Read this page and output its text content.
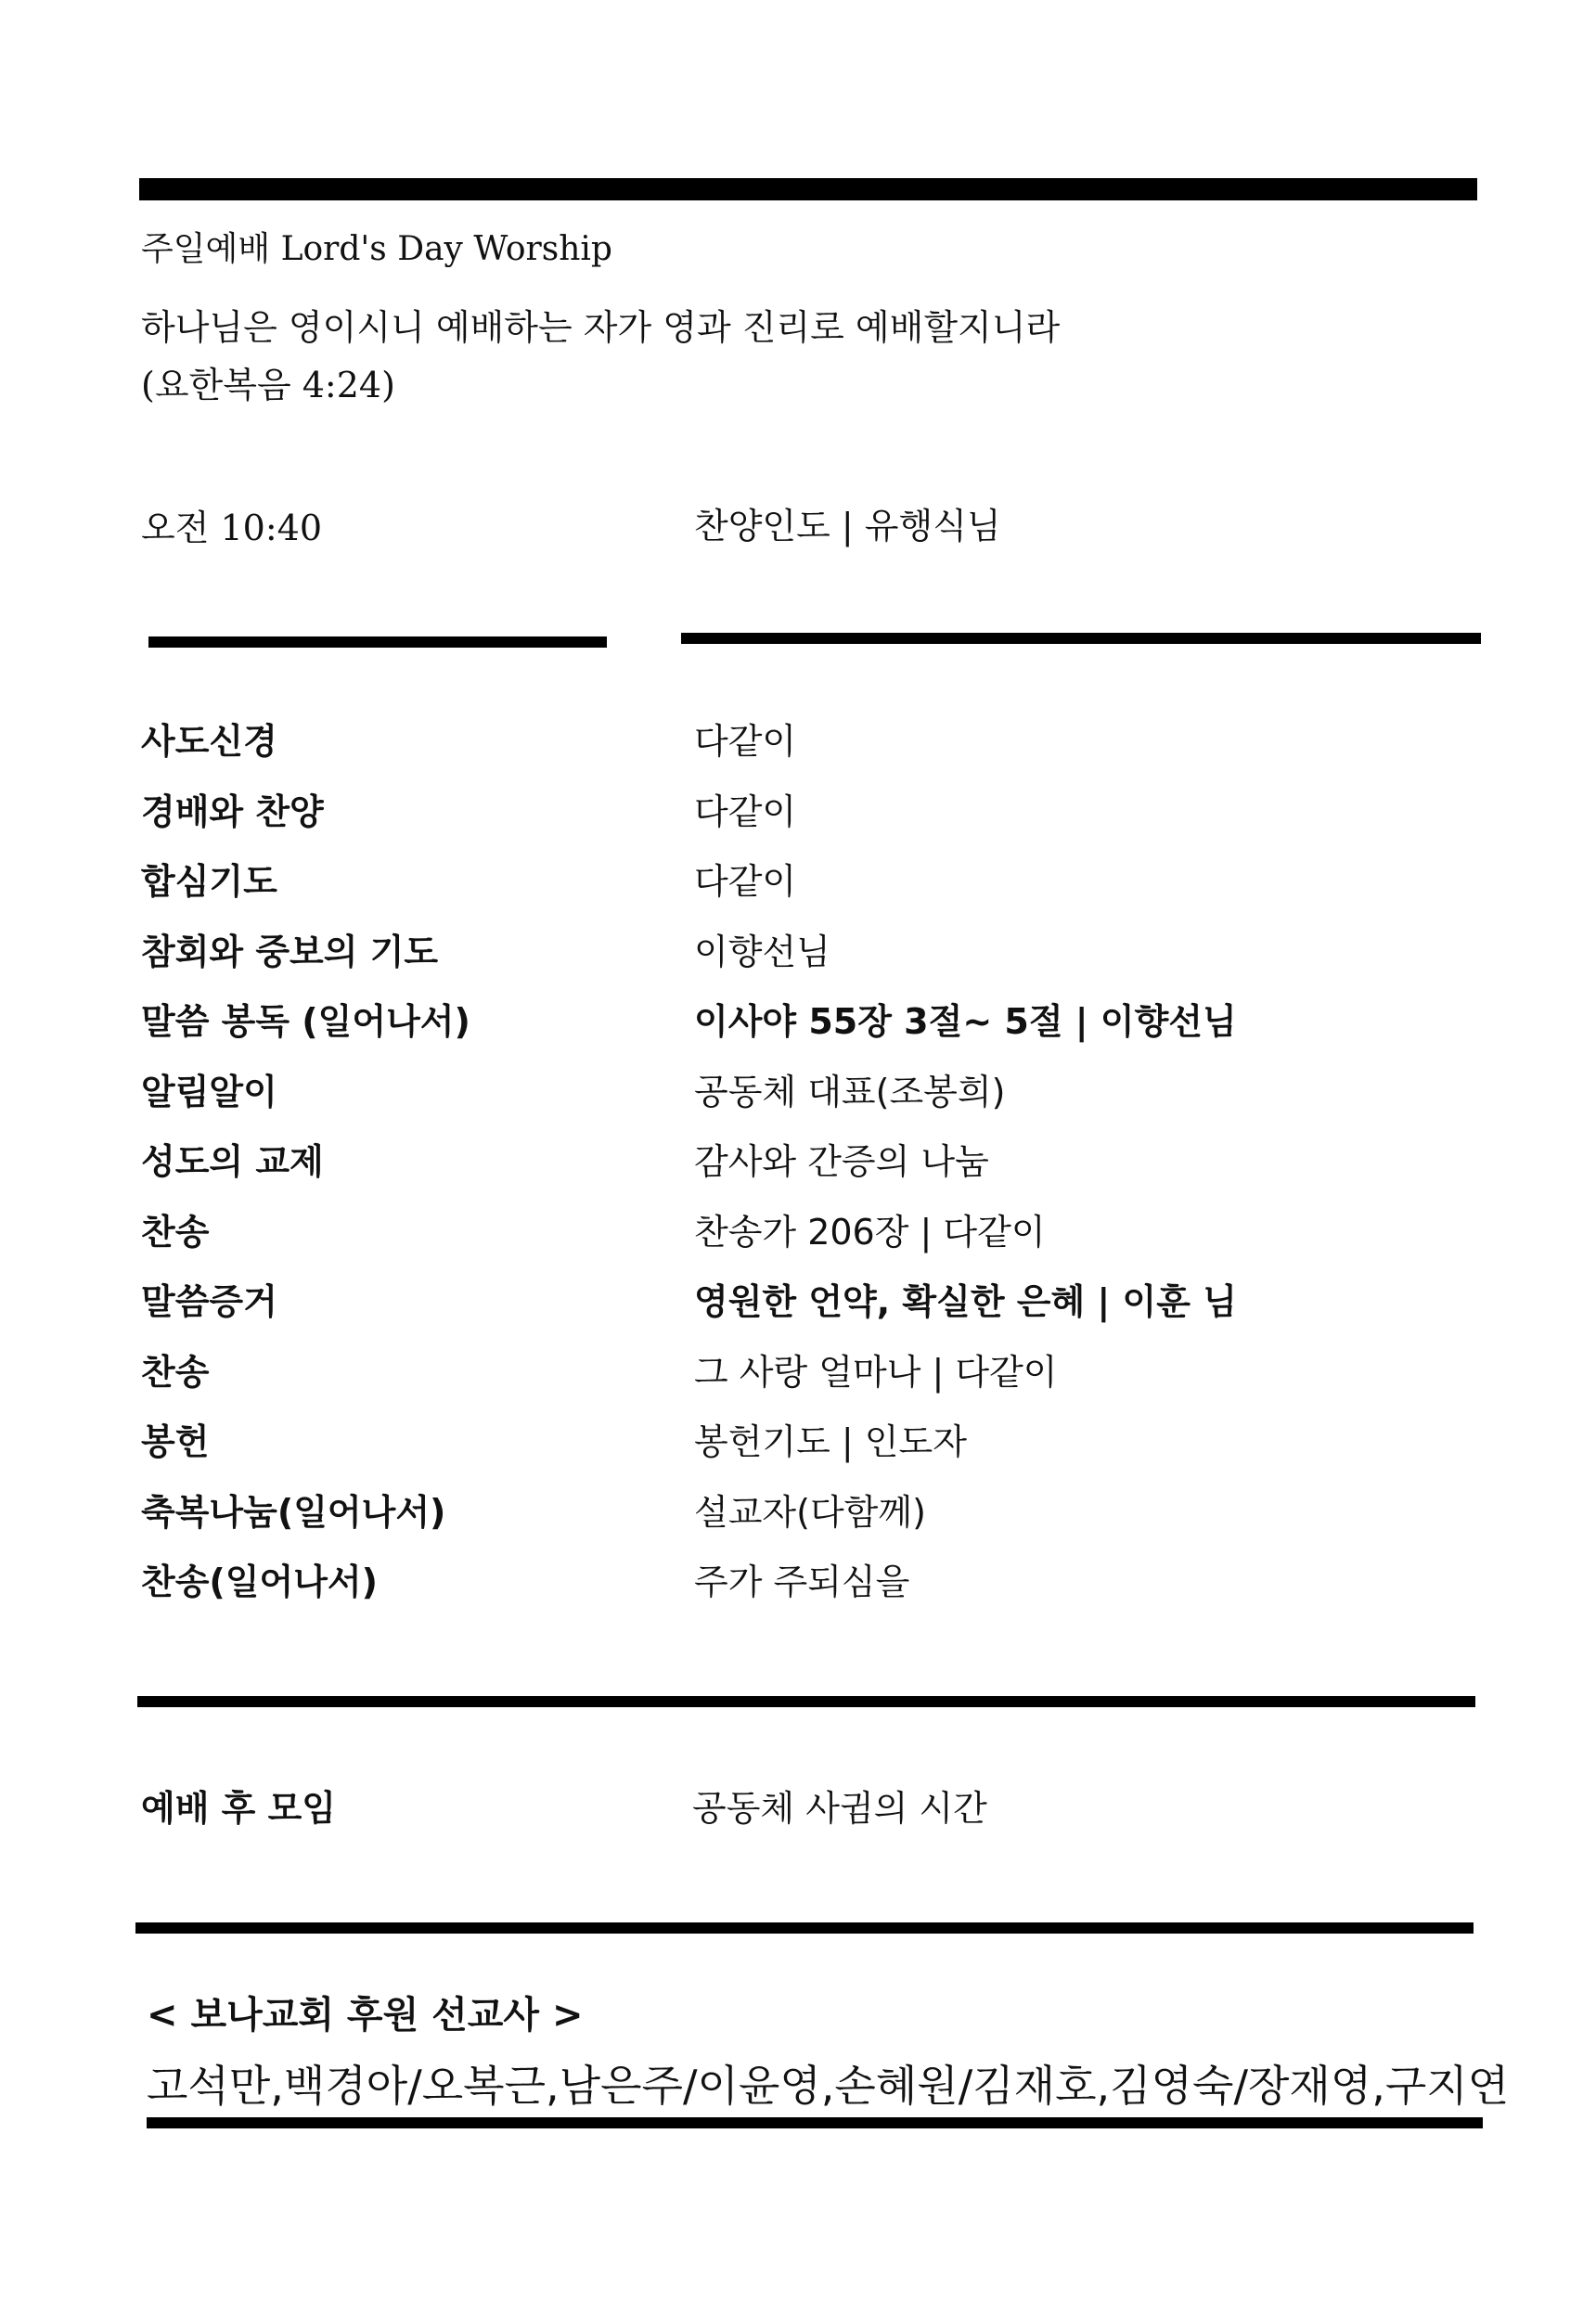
주일예배 Lord's Day Worship
하나님은 영이시니 예배하는 자가 영과 진리로 예배할지니라
(요한복음 4:24)
오전 10:40	찬양인도 | 유행식님
사도신경	다같이
경배와 찬양	다같이
합심기도	다같이
참회와 중보의 기도	이향선님
말씀 봉독 (일어나서)	이사야 55장 3절~ 5절 | 이향선님
알림알이	공동체 대표(조봉희)
성도의 교제	감사와 간증의 나눔
찬송	찬송가 206장 | 다같이
말씀증거	영원한 언약, 확실한 은혜 | 이훈 님
찬송	그 사랑 얼마나 | 다같이
봉헌	봉헌기도 | 인도자
축복나눔(일어나서)	설교자(다함께)
찬송(일어나서)	주가 주되심을
예배 후 모임	공동체 사귐의 시간
< 보나교회 후원 선교사 >
고석만,백경아/오복근,남은주/이윤영,손혜원/김재호,김영숙/장재영,구지연
